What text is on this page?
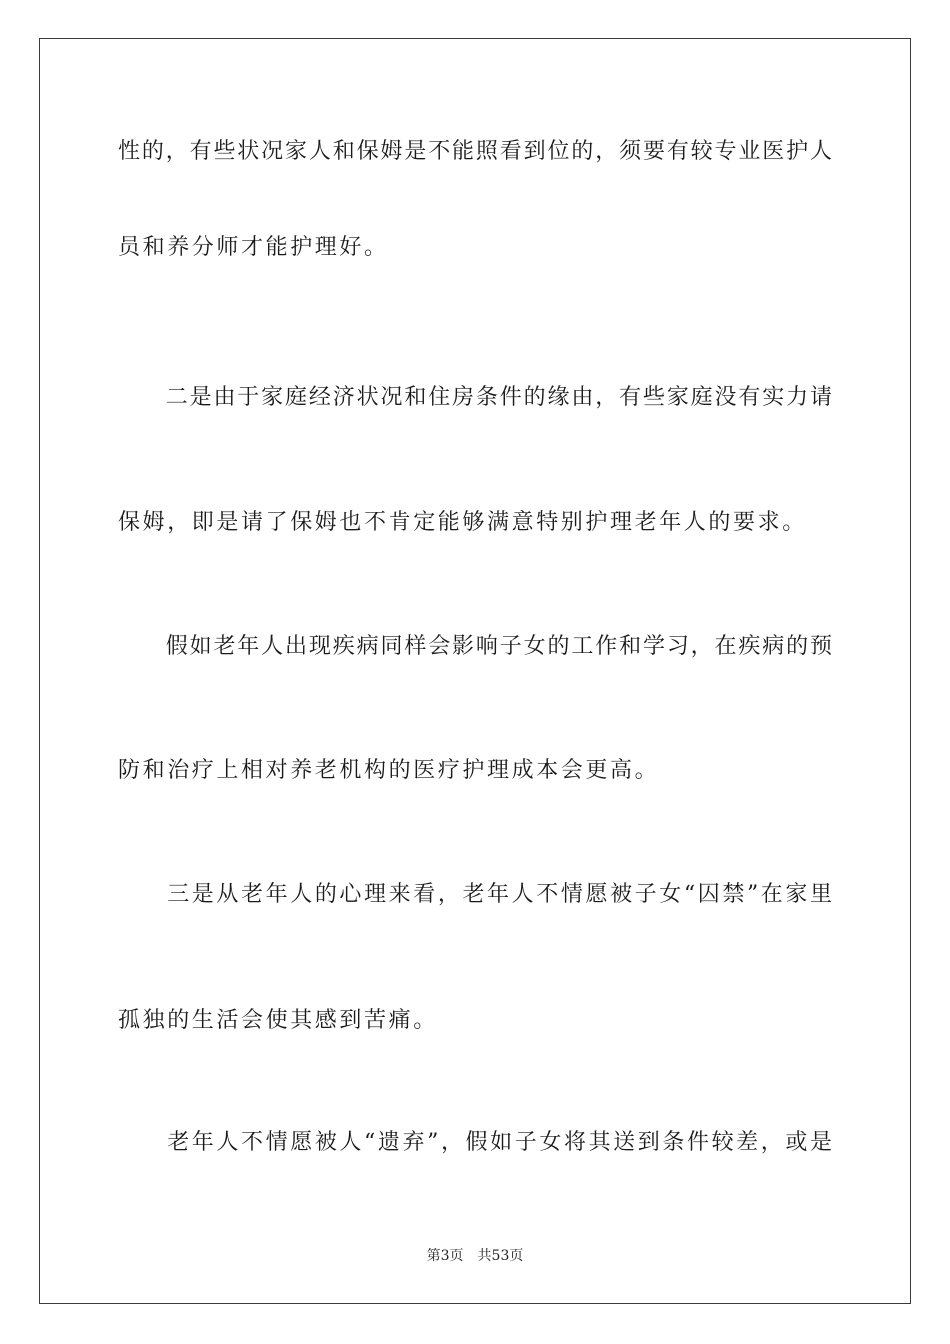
性的，有些状况家人和保姆是不能照看到位的，须要有较专业医护人
员和养分师才能护理好。
　　二是由于家庭经济状况和住房条件的缘由，有些家庭没有实力请
保姆，即是请了保姆也不肯定能够满意特别护理老年人的要求。
　　假如老年人出现疾病同样会影响子女的工作和学习，在疾病的预
防和治疗上相对养老机构的医疗护理成本会更高。
　　三是从老年人的心理来看，老年人不情愿被子女“囚禁”在家里
孤独的生活会使其感到苦痛。
　　老年人不情愿被人“遗弃”，假如子女将其送到条件较差，或是
第3页　共53页
